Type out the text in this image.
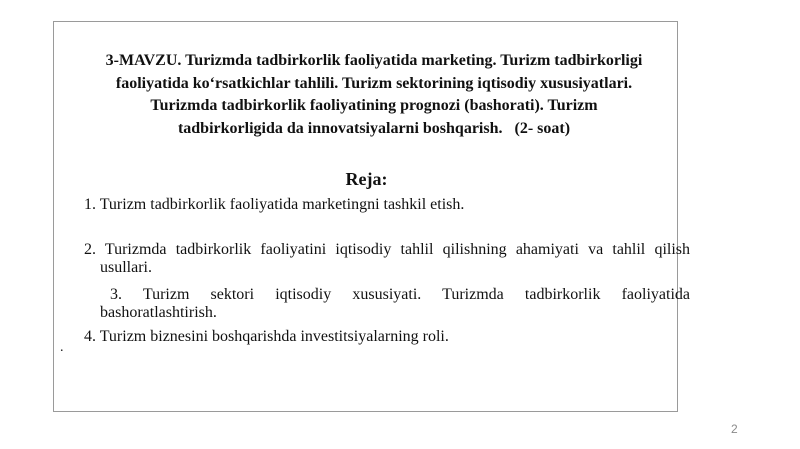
3-MAVZU. Turizmda tadbirkorlik faoliyatida marketing. Turizm tadbirkorligi
faoliyatida ko‘rsatkichlar tahlili. Turizm sektorining iqtisodiy xususiyatlari.
Turizmda tadbirkorlik faoliyatining prognozi (bashorati). Turizm
tadbirkorligida da innovatsiyalarni boshqarish.   (2- soat)
Reja:
1. Turizm tadbirkorlik faoliyatida marketingni tashkil etish.
2. Turizmda tadbirkorlik faoliyatini iqtisodiy tahlil qilishning ahamiyati va tahlil qilish usullari.
3. Turizm sektori iqtisodiy xususiyati. Turizmda tadbirkorlik faoliyatida bashoratlashtirish.
4. Turizm biznesini boshqarishda investitsiyalarning roli.
.
2
